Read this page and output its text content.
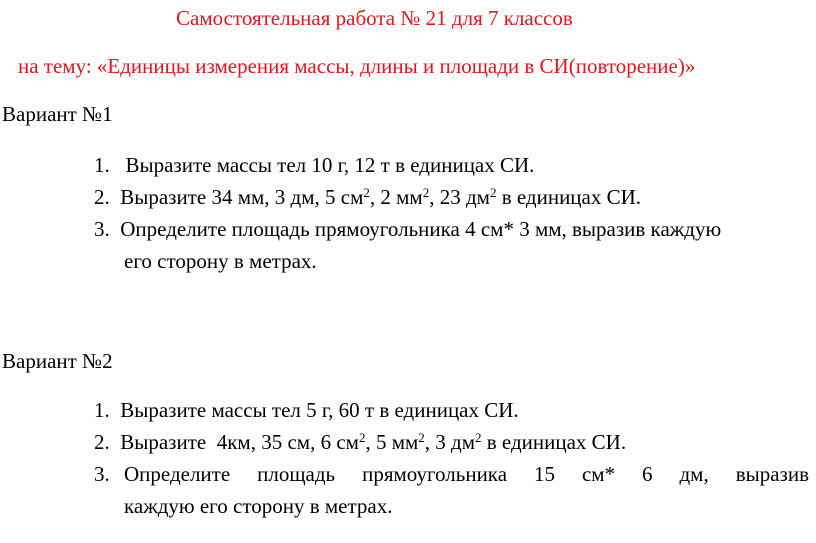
Самостоятельная работа № 21 для 7 классов
на тему: «Единицы измерения массы, длины и площади в СИ(повторение)»
Вариант №1
1. Выразите массы тел 10 г, 12 т в единицах СИ.
2. Выразите 34 мм, 3 дм, 5 $см^2$, 2 $мм^2$, 23 $дм^2$ в единицах СИ.
3. Определите площадь прямоугольника 4 см* 3 мм, выразив каждую
его сторону в метрах.
Вариант №2
1. Выразите массы тел 5 г, 60 т в единицах СИ.
2. Выразите  4км, 35 см, 6 $см^2$, 5 $мм^2$, 3 $дм^2$ в единицах СИ.
3. Определите площадь прямоугольника 15 см* 6 дм, выразив
каждую его сторону в метрах.
